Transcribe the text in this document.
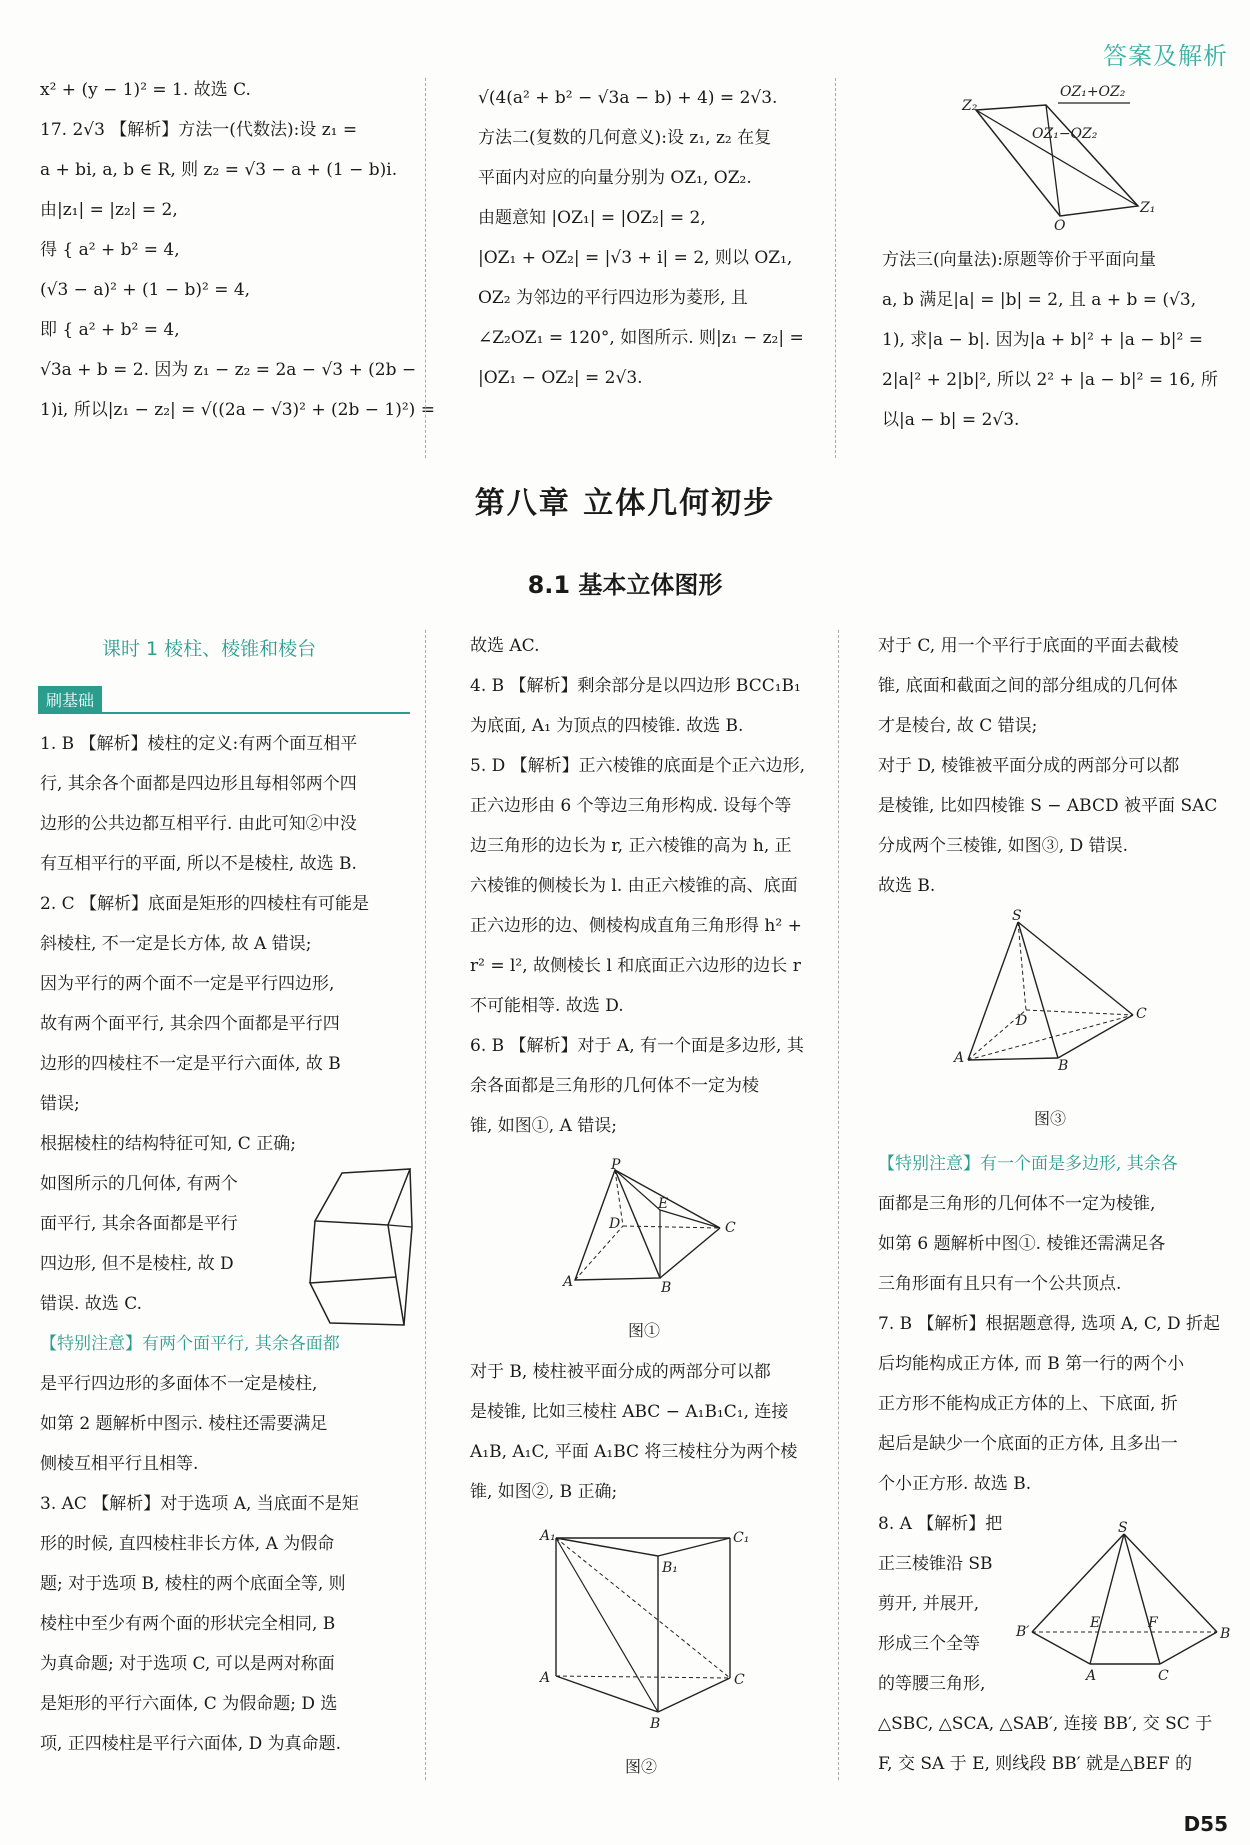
答案及解析

x² + (y − 1)² = 1. 故选 C.

17. 2√3 【解析】方法一(代数法):设 z₁ =

a + bi, a, b ∈ R, 则 z₂ = √3 − a + (1 − b)i.

由|z₁| = |z₂| = 2,

得 { a² + b² = 4,

(√3 − a)² + (1 − b)² = 4,

即 { a² + b² = 4,

√3a + b = 2. 因为 z₁ − z₂ = 2a − √3 + (2b −

1)i, 所以|z₁ − z₂| = √((2a − √3)² + (2b − 1)²) =

√(4(a² + b² − √3a − b) + 4) = 2√3.

方法二(复数的几何意义):设 z₁, z₂ 在复

平面内对应的向量分别为 OZ₁, OZ₂.

由题意知 |OZ₁| = |OZ₂| = 2,

|OZ₁ + OZ₂| = |√3 + i| = 2, 则以 OZ₁,

OZ₂ 为邻边的平行四边形为菱形, 且

∠Z₂OZ₁ = 120°, 如图所示. 则|z₁ − z₂| =

|OZ₁ − OZ₂| = 2√3.

OZ₁+OZ₂
OZ₁−OZ₂
Z₂
Z₁
O

方法三(向量法):原题等价于平面向量

a, b 满足|a| = |b| = 2, 且 a + b = (√3,

1), 求|a − b|. 因为|a + b|² + |a − b|² =

2|a|² + 2|b|², 所以 2² + |a − b|² = 16, 所

以|a − b| = 2√3.

第八章 立体几何初步
8.1 基本立体图形
课时 1 棱柱、棱锥和棱台
刷基础

1. B 【解析】棱柱的定义:有两个面互相平

行, 其余各个面都是四边形且每相邻两个四

边形的公共边都互相平行. 由此可知②中没

有互相平行的平面, 所以不是棱柱, 故选 B.

2. C 【解析】底面是矩形的四棱柱有可能是

斜棱柱, 不一定是长方体, 故 A 错误;

因为平行的两个面不一定是平行四边形,

故有两个面平行, 其余四个面都是平行四

边形的四棱柱不一定是平行六面体, 故 B

错误;

根据棱柱的结构特征可知, C 正确;

如图所示的几何体, 有两个

面平行, 其余各面都是平行

四边形, 但不是棱柱, 故 D

错误. 故选 C.

【特别注意】有两个面平行, 其余各面都

是平行四边形的多面体不一定是棱柱,

如第 2 题解析中图示. 棱柱还需要满足

侧棱互相平行且相等.

3. AC 【解析】对于选项 A, 当底面不是矩

形的时候, 直四棱柱非长方体, A 为假命

题; 对于选项 B, 棱柱的两个底面全等, 则

棱柱中至少有两个面的形状完全相同, B

为真命题; 对于选项 C, 可以是两对称面

是矩形的平行六面体, C 为假命题; D 选

项, 正四棱柱是平行六面体, D 为真命题.

故选 AC.

4. B 【解析】剩余部分是以四边形 BCC₁B₁

为底面, A₁ 为顶点的四棱锥. 故选 B.

5. D 【解析】正六棱锥的底面是个正六边形,

正六边形由 6 个等边三角形构成. 设每个等

边三角形的边长为 r, 正六棱锥的高为 h, 正

六棱锥的侧棱长为 l. 由正六棱锥的高、底面

正六边形的边、侧棱构成直角三角形得 h² +

r² = l², 故侧棱长 l 和底面正六边形的边长 r

不可能相等. 故选 D.

6. B 【解析】对于 A, 有一个面是多边形, 其

余各面都是三角形的几何体不一定为棱

锥, 如图①, A 错误;

P
E
D	C
A	B
图①

对于 B, 棱柱被平面分成的两部分可以都

是棱锥, 比如三棱柱 ABC − A₁B₁C₁, 连接

A₁B, A₁C, 平面 A₁BC 将三棱柱分为两个棱

锥, 如图②, B 正确;

A₁	C₁
B₁
A	C
B
图②

对于 C, 用一个平行于底面的平面去截棱

锥, 底面和截面之间的部分组成的几何体

才是棱台, 故 C 错误;

对于 D, 棱锥被平面分成的两部分可以都

是棱锥, 比如四棱锥 S − ABCD 被平面 SAC

分成两个三棱锥, 如图③, D 错误.

故选 B.

S
D	C
A	B
图③

【特别注意】有一个面是多边形, 其余各

面都是三角形的几何体不一定为棱锥,

如第 6 题解析中图①. 棱锥还需满足各

三角形面有且只有一个公共顶点.

7. B 【解析】根据题意得, 选项 A, C, D 折起

后均能构成正方体, 而 B 第一行的两个小

正方形不能构成正方体的上、下底面, 折

起后是缺少一个底面的正方体, 且多出一

个小正方形. 故选 B.

8. A 【解析】把

正三棱锥沿 SB

剪开, 并展开,

形成三个全等

的等腰三角形,

△SBC, △SCA, △SAB′, 连接 BB′, 交 SC 于

F, 交 SA 于 E, 则线段 BB′ 就是△BEF 的

S
B′
E	F
B
A	C
D55
